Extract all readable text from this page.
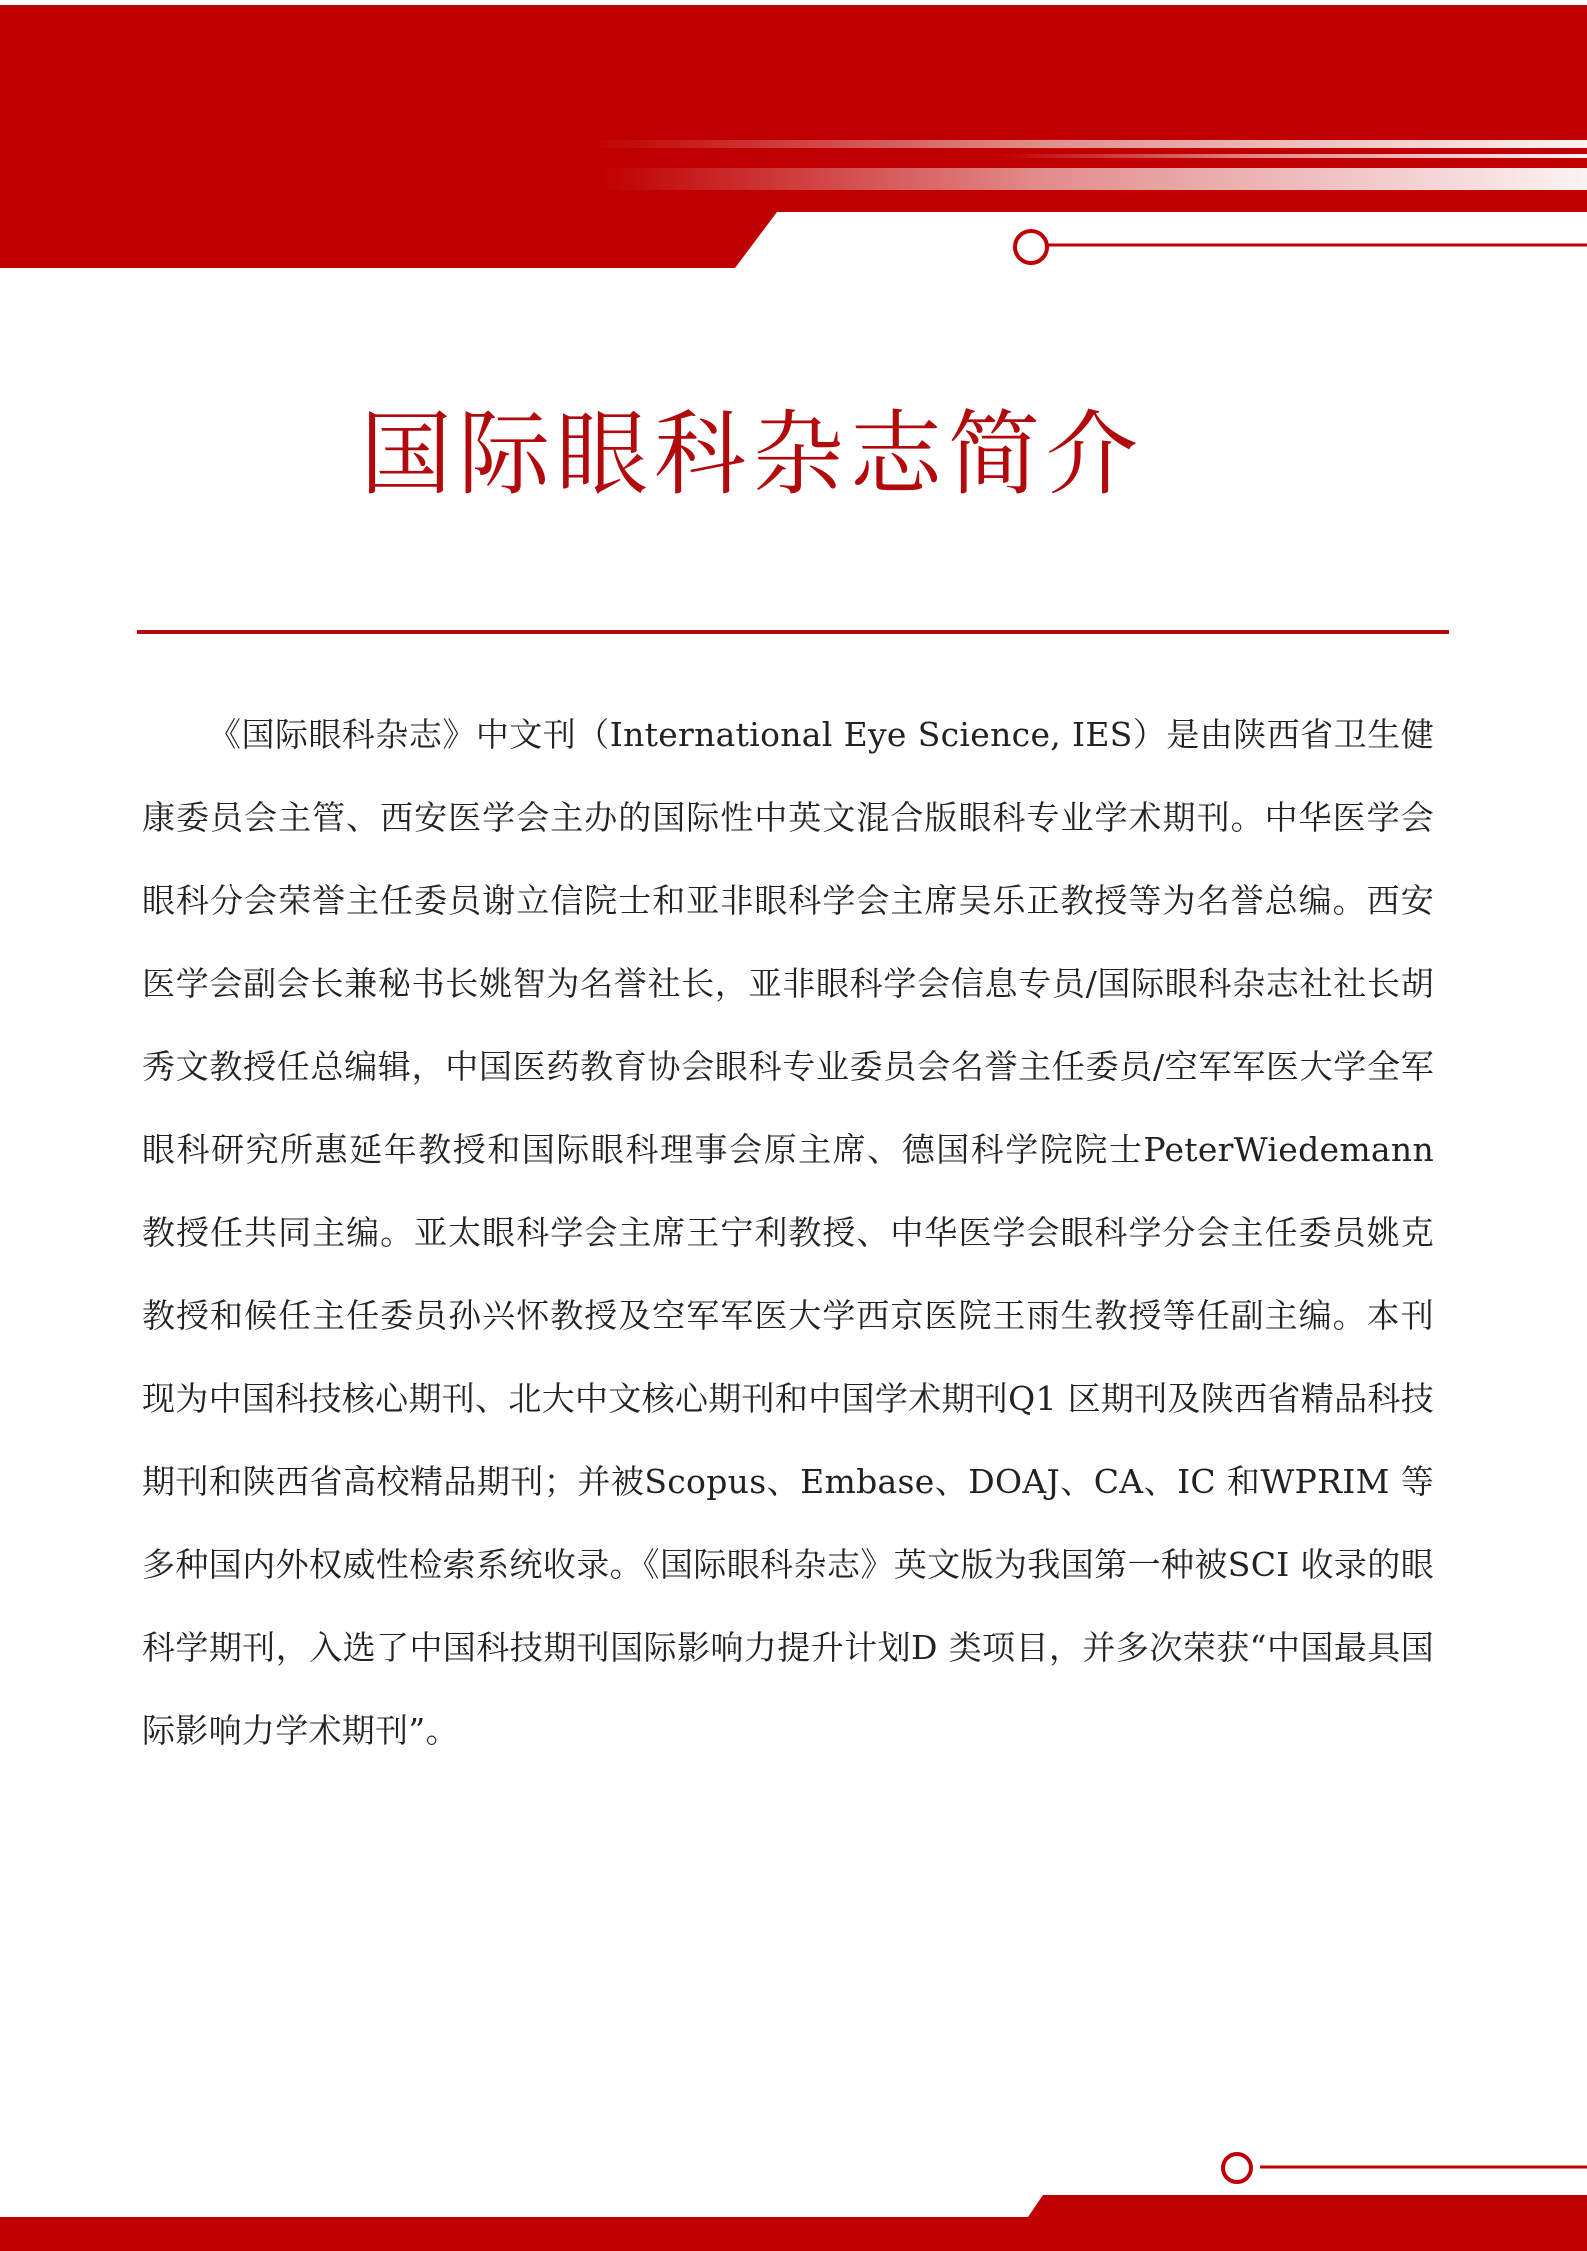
国际眼科杂志简介

《国际眼科杂志》中文刊（International Eye Science, IES）是由陕西省卫生健康委员会主管、西安医学会主办的国际性中英文混合版眼科专业学术期刊。中华医学会眼科分会荣誉主任委员谢立信院士和亚非眼科学会主席吴乐正教授等为名誉总编。西安医学会副会长兼秘书长姚智为名誉社长，亚非眼科学会信息专员/国际眼科杂志社社长胡秀文教授任总编辑，中国医药教育协会眼科专业委员会名誉主任委员/空军军医大学全军眼科研究所惠延年教授和国际眼科理事会原主席、德国科学院院士PeterWiedemann 教授任共同主编。亚太眼科学会主席王宁利教授、中华医学会眼科学分会主任委员姚克教授和候任主任委员孙兴怀教授及空军军医大学西京医院王雨生教授等任副主编。本刊现为中国科技核心期刊、北大中文核心期刊和中国学术期刊Q1 区期刊及陕西省精品科技期刊和陕西省高校精品期刊；并被Scopus、Embase、DOAJ、CA、IC 和WPRIM 等多种国内外权威性检索系统收录。《国际眼科杂志》英文版为我国第一种被SCI 收录的眼科学期刊，入选了中国科技期刊国际影响力提升计划D 类项目，并多次荣获“中国最具国际影响力学术期刊”。
